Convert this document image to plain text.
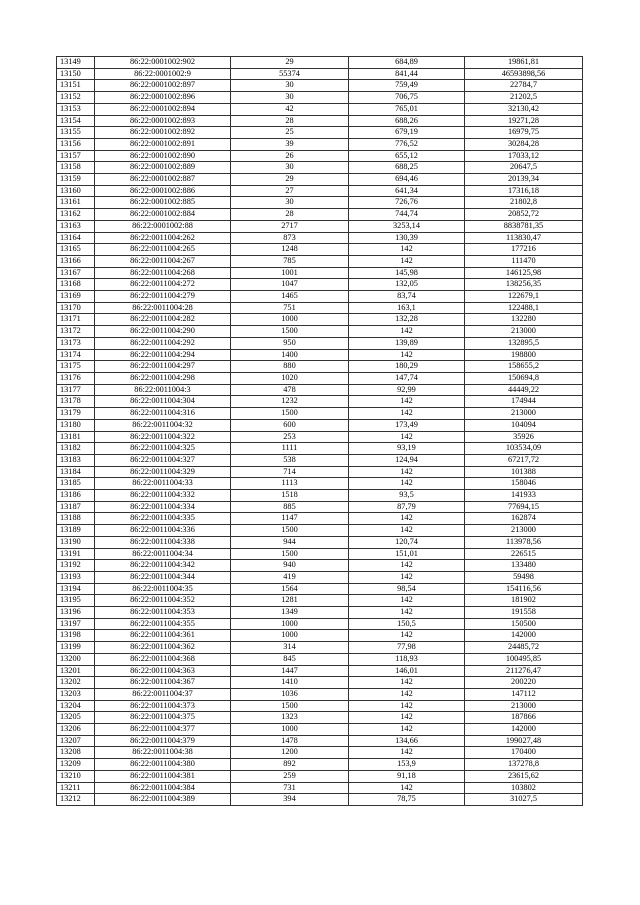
13149	86:22:0001002:902	29	684,89	19861,81
13150	86:22:0001002:9	55374	841,44	46593898,56
13151	86:22:0001002:897	30	759,49	22784,7
13152	86:22:0001002:896	30	706,75	21202,5
13153	86:22:0001002:894	42	765,01	32130,42
13154	86:22:0001002:893	28	688,26	19271,28
13155	86:22:0001002:892	25	679,19	16979,75
13156	86:22:0001002:891	39	776,52	30284,28
13157	86:22:0001002:890	26	655,12	17033,12
13158	86:22:0001002:889	30	688,25	20647,5
13159	86:22:0001002:887	29	694,46	20139,34
13160	86:22:0001002:886	27	641,34	17316,18
13161	86:22:0001002:885	30	726,76	21802,8
13162	86:22:0001002:884	28	744,74	20852,72
13163	86:22:0001002:88	2717	3253,14	8838781,35
13164	86:22:0011004:262	873	130,39	113830,47
13165	86:22:0011004:265	1248	142	177216
13166	86:22:0011004:267	785	142	111470
13167	86:22:0011004:268	1001	145,98	146125,98
13168	86:22:0011004:272	1047	132,05	138256,35
13169	86:22:0011004:279	1465	83,74	122679,1
13170	86:22:0011004:28	751	163,1	122488,1
13171	86:22:0011004:282	1000	132,28	132280
13172	86:22:0011004:290	1500	142	213000
13173	86:22:0011004:292	950	139,89	132895,5
13174	86:22:0011004:294	1400	142	198800
13175	86:22:0011004:297	880	180,29	158655,2
13176	86:22:0011004:298	1020	147,74	150694,8
13177	86:22:0011004:3	478	92,99	44449,22
13178	86:22:0011004:304	1232	142	174944
13179	86:22:0011004:316	1500	142	213000
13180	86:22:0011004:32	600	173,49	104094
13181	86:22:0011004:322	253	142	35926
13182	86:22:0011004:325	1111	93,19	103534,09
13183	86:22:0011004:327	538	124,94	67217,72
13184	86:22:0011004:329	714	142	101388
13185	86:22:0011004:33	1113	142	158046
13186	86:22:0011004:332	1518	93,5	141933
13187	86:22:0011004:334	885	87,79	77694,15
13188	86:22:0011004:335	1147	142	162874
13189	86:22:0011004:336	1500	142	213000
13190	86:22:0011004:338	944	120,74	113978,56
13191	86:22:0011004:34	1500	151,01	226515
13192	86:22:0011004:342	940	142	133480
13193	86:22:0011004:344	419	142	59498
13194	86:22:0011004:35	1564	98,54	154116,56
13195	86:22:0011004:352	1281	142	181902
13196	86:22:0011004:353	1349	142	191558
13197	86:22:0011004:355	1000	150,5	150500
13198	86:22:0011004:361	1000	142	142000
13199	86:22:0011004:362	314	77,98	24485,72
13200	86:22:0011004:368	845	118,93	100495,85
13201	86:22:0011004:363	1447	146,01	211276,47
13202	86:22:0011004:367	1410	142	200220
13203	86:22:0011004:37	1036	142	147112
13204	86:22:0011004:373	1500	142	213000
13205	86:22:0011004:375	1323	142	187866
13206	86:22:0011004:377	1000	142	142000
13207	86:22:0011004:379	1478	134,66	199027,48
13208	86:22:0011004:38	1200	142	170400
13209	86:22:0011004:380	892	153,9	137278,8
13210	86:22:0011004:381	259	91,18	23615,62
13211	86:22:0011004:384	731	142	103802
13212	86:22:0011004:389	394	78,75	31027,5
